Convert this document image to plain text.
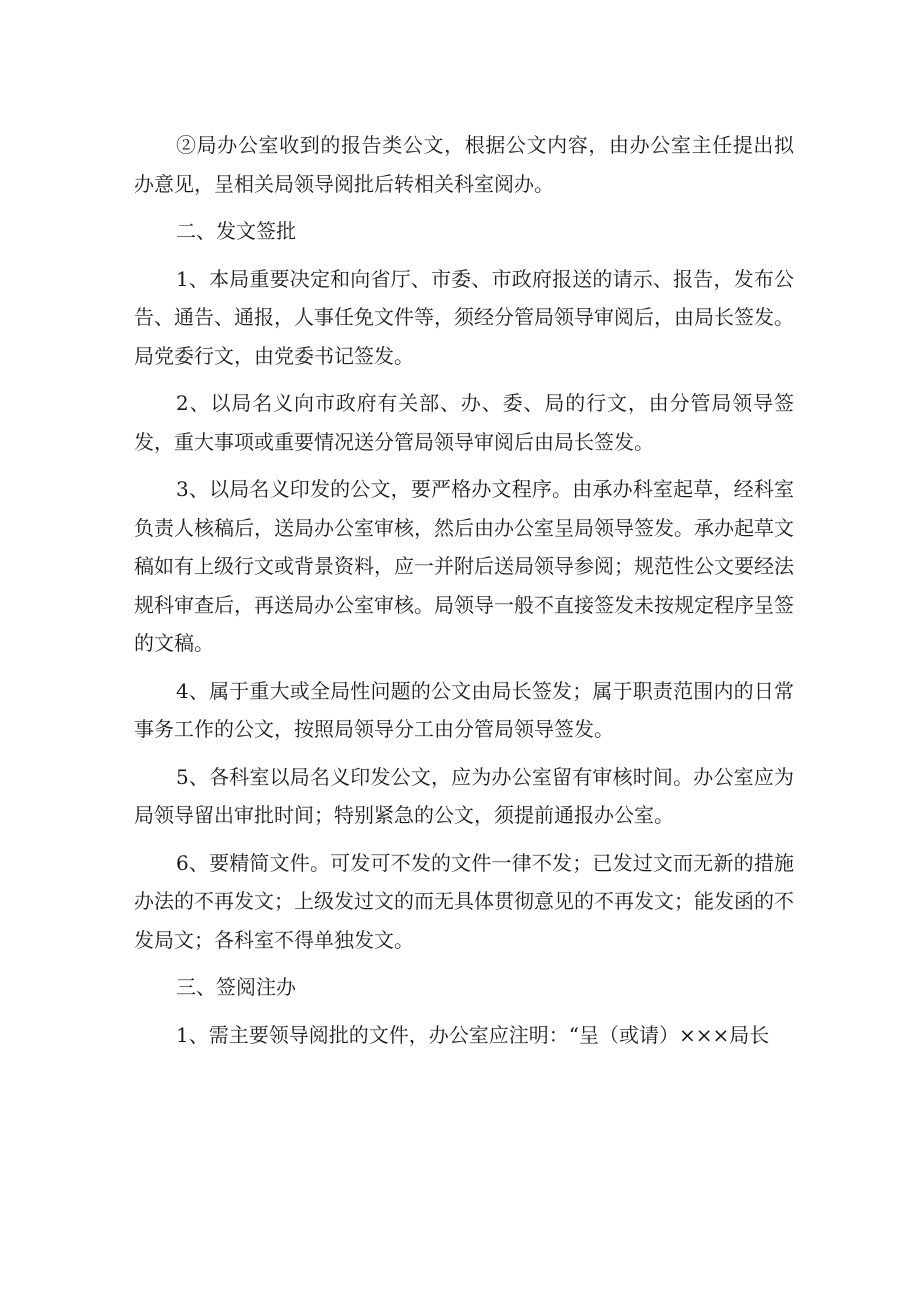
②局办公室收到的报告类公文，根据公文内容，由办公室主任提出拟办意见，呈相关局领导阅批后转相关科室阅办。

二、发文签批

1、本局重要决定和向省厅、市委、市政府报送的请示、报告，发布公告、通告、通报，人事任免文件等，须经分管局领导审阅后，由局长签发。局党委行文，由党委书记签发。

2、以局名义向市政府有关部、办、委、局的行文，由分管局领导签发，重大事项或重要情况送分管局领导审阅后由局长签发。

3、以局名义印发的公文，要严格办文程序。由承办科室起草，经科室负责人核稿后，送局办公室审核，然后由办公室呈局领导签发。承办起草文稿如有上级行文或背景资料，应一并附后送局领导参阅；规范性公文要经法规科审查后，再送局办公室审核。局领导一般不直接签发未按规定程序呈签的文稿。

4、属于重大或全局性问题的公文由局长签发；属于职责范围内的日常事务工作的公文，按照局领导分工由分管局领导签发。

5、各科室以局名义印发公文，应为办公室留有审核时间。办公室应为局领导留出审批时间；特别紧急的公文，须提前通报办公室。

6、要精简文件。可发可不发的文件一律不发；已发过文而无新的措施办法的不再发文；上级发过文的而无具体贯彻意见的不再发文；能发函的不发局文；各科室不得单独发文。

三、签阅注办

1、需主要领导阅批的文件，办公室应注明：“呈（或请）×××局长
